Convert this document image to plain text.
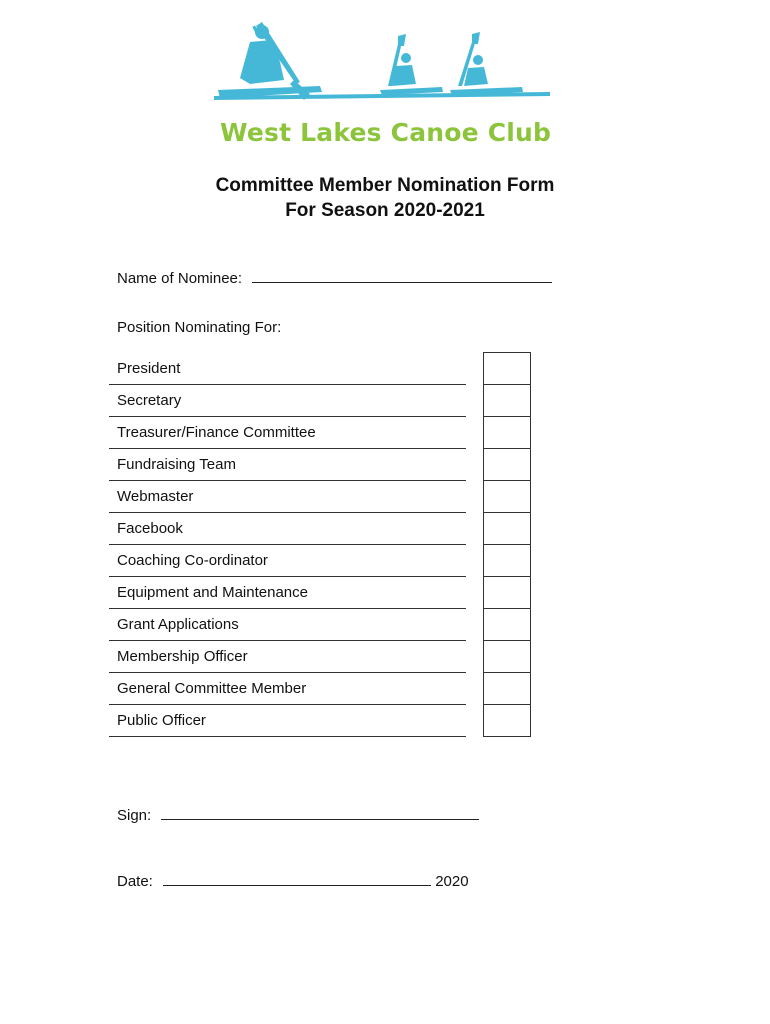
West Lakes Canoe Club
Committee Member Nomination Form
For Season 2020-2021
Name of Nominee:
Position Nominating For:
President
Secretary
Treasurer/Finance Committee
Fundraising Team
Webmaster
Facebook
Coaching Co-ordinator
Equipment and Maintenance
Grant Applications
Membership Officer
General Committee Member
Public Officer
Sign:
Date:	2020
